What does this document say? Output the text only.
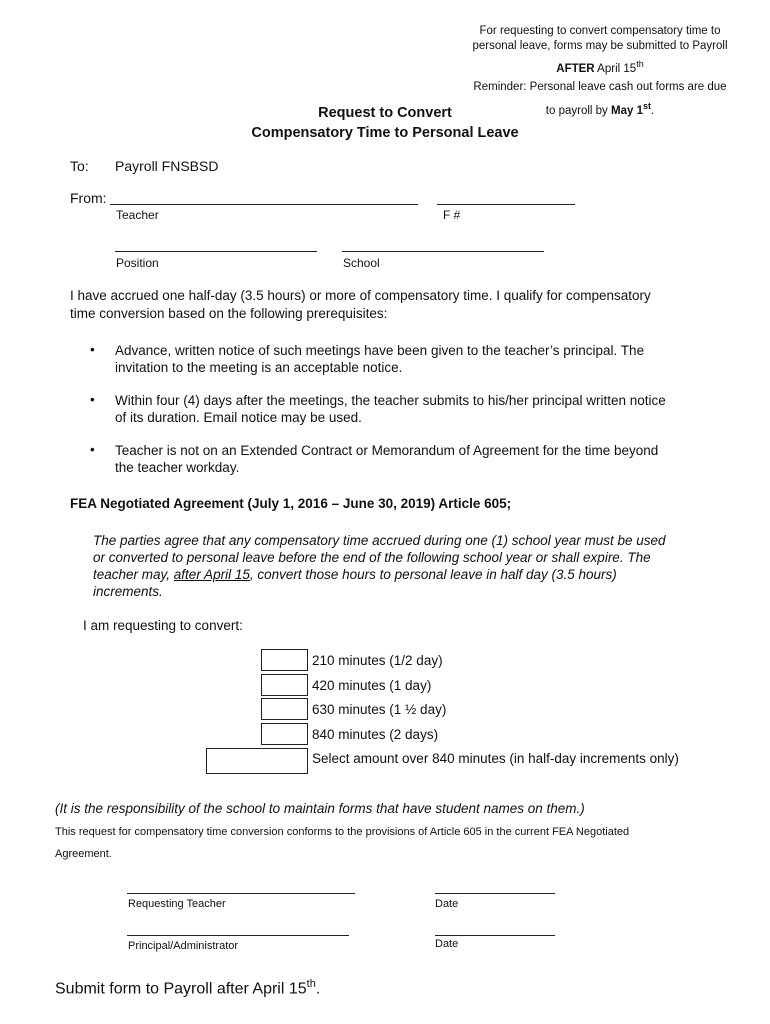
For requesting to convert compensatory time to
personal leave, forms may be submitted to Payroll
AFTER April 15th
Reminder: Personal leave cash out forms are due
to payroll by May 1st.
Request to Convert
Compensatory Time to Personal Leave
To: Payroll FNSBSD
From:
Teacher	F #
Position	School
I have accrued one half-day (3.5 hours) or more of compensatory time. I qualify for compensatory
time conversion based on the following prerequisites:
• Advance, written notice of such meetings have been given to the teacher’s principal. The
invitation to the meeting is an acceptable notice.
• Within four (4) days after the meetings, the teacher submits to his/her principal written notice
of its duration. Email notice may be used.
• Teacher is not on an Extended Contract or Memorandum of Agreement for the time beyond
the teacher workday.
FEA Negotiated Agreement (July 1, 2016 – June 30, 2019) Article 605;
The parties agree that any compensatory time accrued during one (1) school year must be used
or converted to personal leave before the end of the following school year or shall expire. The
teacher may, after April 15, convert those hours to personal leave in half day (3.5 hours)
increments.
I am requesting to convert:
210 minutes (1/2 day)
420 minutes (1 day)
630 minutes (1 ½ day)
840 minutes (2 days)
Select amount over 840 minutes (in half-day increments only)
(It is the responsibility of the school to maintain forms that have student names on them.)
This request for compensatory time conversion conforms to the provisions of Article 605 in the current FEA Negotiated
Agreement.
Requesting Teacher	Date
Principal/Administrator	Date
Submit form to Payroll after April 15th.
